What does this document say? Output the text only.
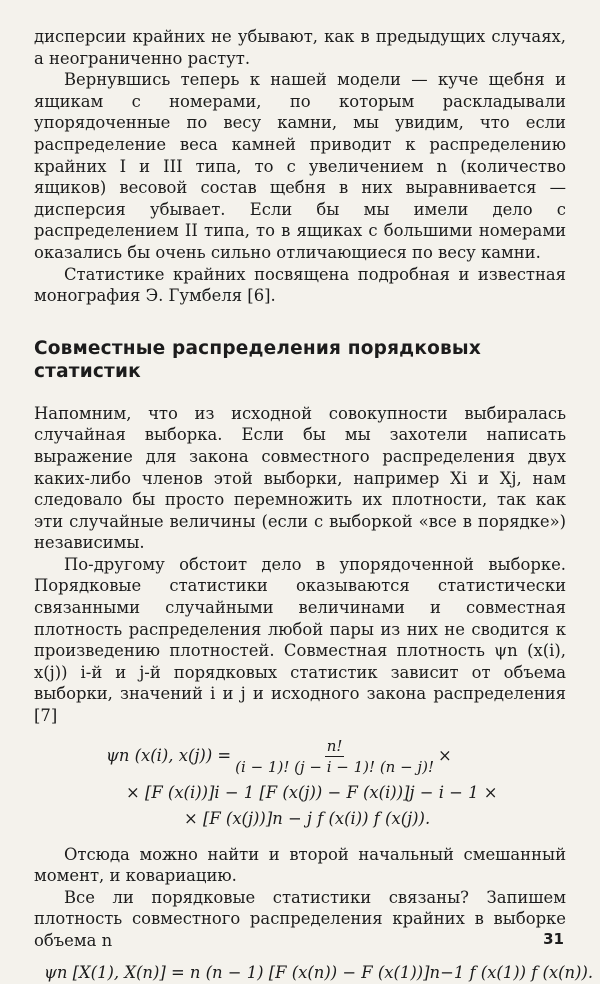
дисперсии крайних не убывают, как в предыдущих случаях, а неограниченно растут.

Вернувшись теперь к нашей модели — куче щебня и ящикам с номерами, по которым раскладывали упорядоченные по весу камни, мы увидим, что если распределение веса камней приводит к распределению крайних I и III типа, то с увеличением n (количество ящиков) весовой состав щебня в них выравнивается — дисперсия убывает. Если бы мы имели дело с распределением II типа, то в ящиках с большими номерами оказались бы очень сильно отличающиеся по весу камни.

Статистике крайних посвящена подробная и известная монография Э. Гумбеля [6].

Совместные распределения порядковых статистик

Напомним, что из исходной совокупности выбиралась случайная выборка. Если бы мы захотели написать выражение для закона совместного распределения двух каких-либо членов этой выборки, например Xi и Xj, нам следовало бы просто перемножить их плотности, так как эти случайные величины (если с выборкой «все в порядке») независимы.

По-другому обстоит дело в упорядоченной выборке. Порядковые статистики оказываются статистически связанными случайными величинами и совместная плотность распределения любой пары из них не сводится к произведению плотностей. Совместная плотность ψn (x(i), x(j)) i-й и j-й порядковых статистик зависит от объема выборки, значений i и j и исходного закона распределения [7]

ψn (x(i), $x(j)) = \frac{n!}{(i - 1)! (j - i - 1)! (n - j)!}$ ×
× [F (x(i))]i − 1 [F (x(j)) − F (x(i))]j − i − 1 ×
× [F (x(j))]n − j f (x(i)) f (x(j)).

Отсюда можно найти и второй начальный смешанный момент, и ковариацию.

Все ли порядковые статистики связаны? Запишем плотность совместного распределения крайних в выборке объема n

ψn [X(1), X(n)] = n (n − 1) [F (x(n)) − F (x(1))]n−1 f (x(1)) f (x(n)).
31
